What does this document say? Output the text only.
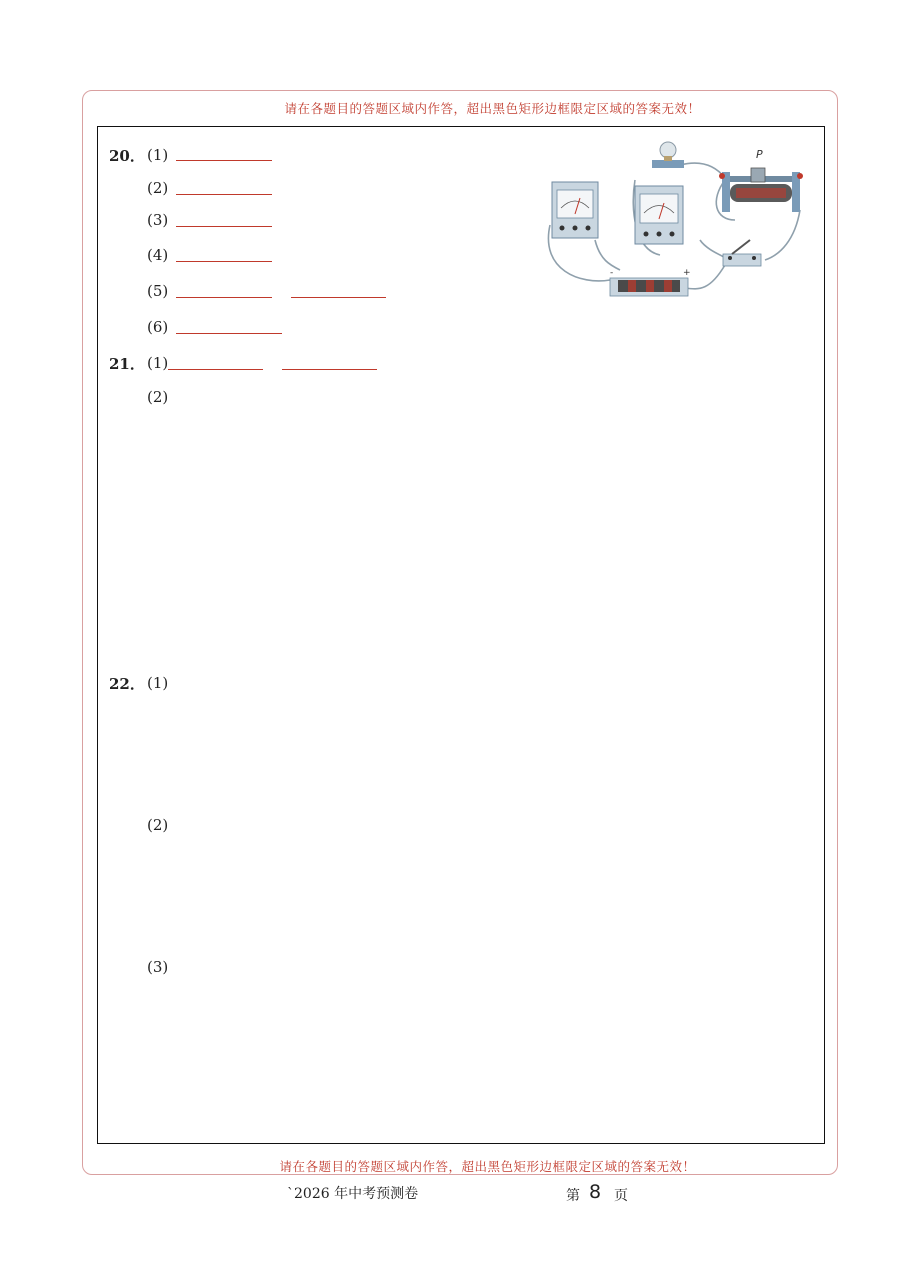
请在各题目的答题区域内作答，超出黑色矩形边框限定区域的答案无效！
20． (1)
(2)
(3)
(4)
(5)
(6)
P
-	+
21． (1)
(2)
22． (1)
(2)
(3)
请在各题目的答题区域内作答，超出黑色矩形边框限定区域的答案无效！
`2026 年中考预测卷	第 8 页
